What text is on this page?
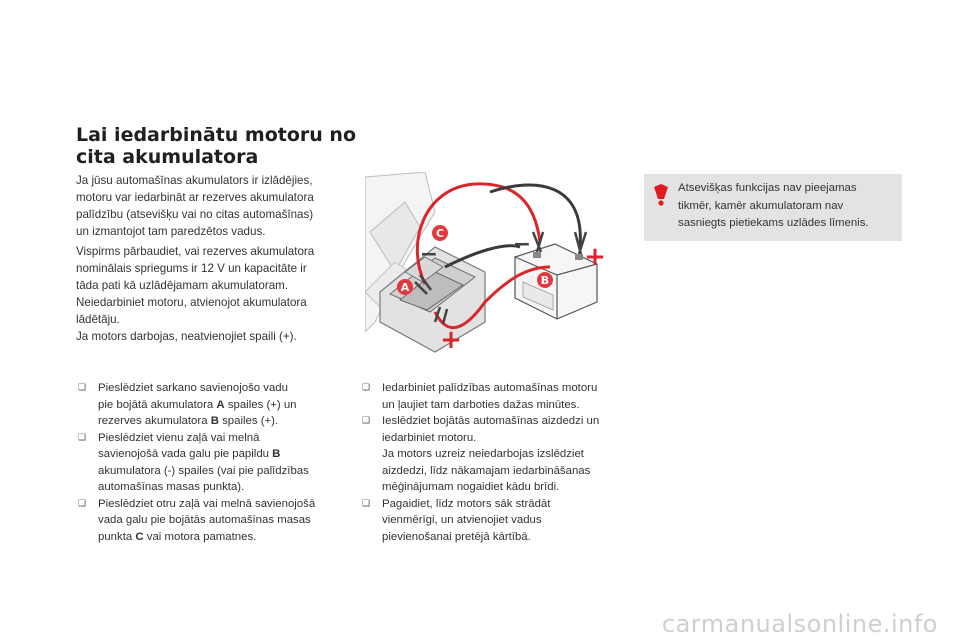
Lai iedarbinātu motoru no
cita akumulatora
Ja jūsu automašīnas akumulators ir izlādējies,
motoru var iedarbināt ar rezerves akumulatora
palīdzību (atsevišķu vai no citas automašīnas)
un izmantojot tam paredzētos vadus.
Vispirms pārbaudiet, vai rezerves akumulatora
nominālais spriegums ir 12 V un kapacitāte ir
tāda pati kā uzlādējamam akumulatoram.
Neiedarbiniet motoru, atvienojot akumulatora
lādētāju.
Ja motors darbojas, neatvienojiet spaili (+).
C
B
A
−	− +
+
Atsevišķas funkcijas nav pieejamas
tikmēr, kamēr akumulatoram nav
sasniegts pietiekams uzlādes līmenis.
❑	Pieslēdziet sarkano savienojošo vadu
pie bojātā akumulatora A spailes (+) un
rezerves akumulatora B spailes (+).
❑	Pieslēdziet vienu zaļā vai melnā
savienojošā vada galu pie papildu B
akumulatora (-) spailes (vai pie palīdzības
automašīnas masas punkta).
❑	Pieslēdziet otru zaļā vai melnā savienojošā
vada galu pie bojātās automašīnas masas
punkta C vai motora pamatnes.
❑	Iedarbiniet palīdzības automašīnas motoru
un ļaujiet tam darboties dažas minūtes.
❑	Ieslēdziet bojātās automašīnas aizdedzi un
iedarbiniet motoru.
Ja motors uzreiz neiedarbojas izslēdziet
aizdedzi, līdz nākamajam iedarbināšanas
mēģinājumam nogaidiet kādu brīdi.
❑	Pagaidiet, līdz motors sāk strādāt
vienmērīgi, un atvienojiet vadus
pievienošanai pretējā kārtībā.
carmanualsonline.info
